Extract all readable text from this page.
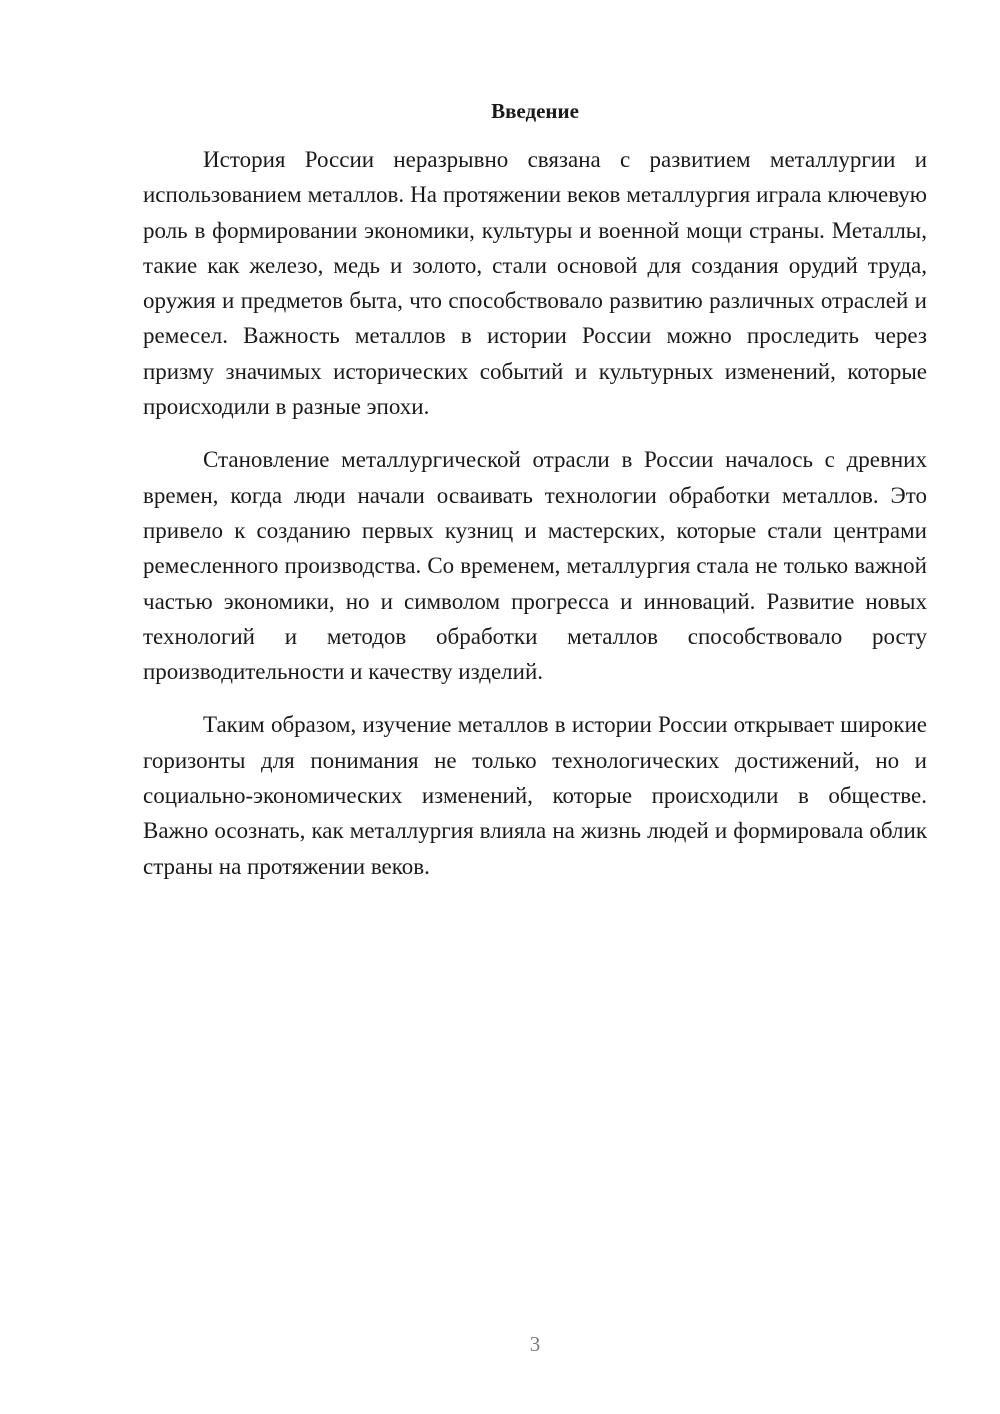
Введение

История России неразрывно связана с развитием металлургии и использованием металлов. На протяжении веков металлургия играла ключевую роль в формировании экономики, культуры и военной мощи страны. Металлы, такие как железо, медь и золото, стали основой для создания орудий труда, оружия и предметов быта, что способствовало развитию различных отраслей и ремесел. Важность металлов в истории России можно проследить через призму значимых исторических событий и культурных изменений, которые происходили в разные эпохи.

Становление металлургической отрасли в России началось с древних времен, когда люди начали осваивать технологии обработки металлов. Это привело к созданию первых кузниц и мастерских, которые стали центрами ремесленного производства. Со временем, металлургия стала не только важной частью экономики, но и символом прогресса и инноваций. Развитие новых технологий и методов обработки металлов способствовало росту производительности и качеству изделий.

Таким образом, изучение металлов в истории России открывает широкие горизонты для понимания не только технологических достижений, но и социально-экономических изменений, которые происходили в обществе. Важно осознать, как металлургия влияла на жизнь людей и формировала облик страны на протяжении веков.

3
